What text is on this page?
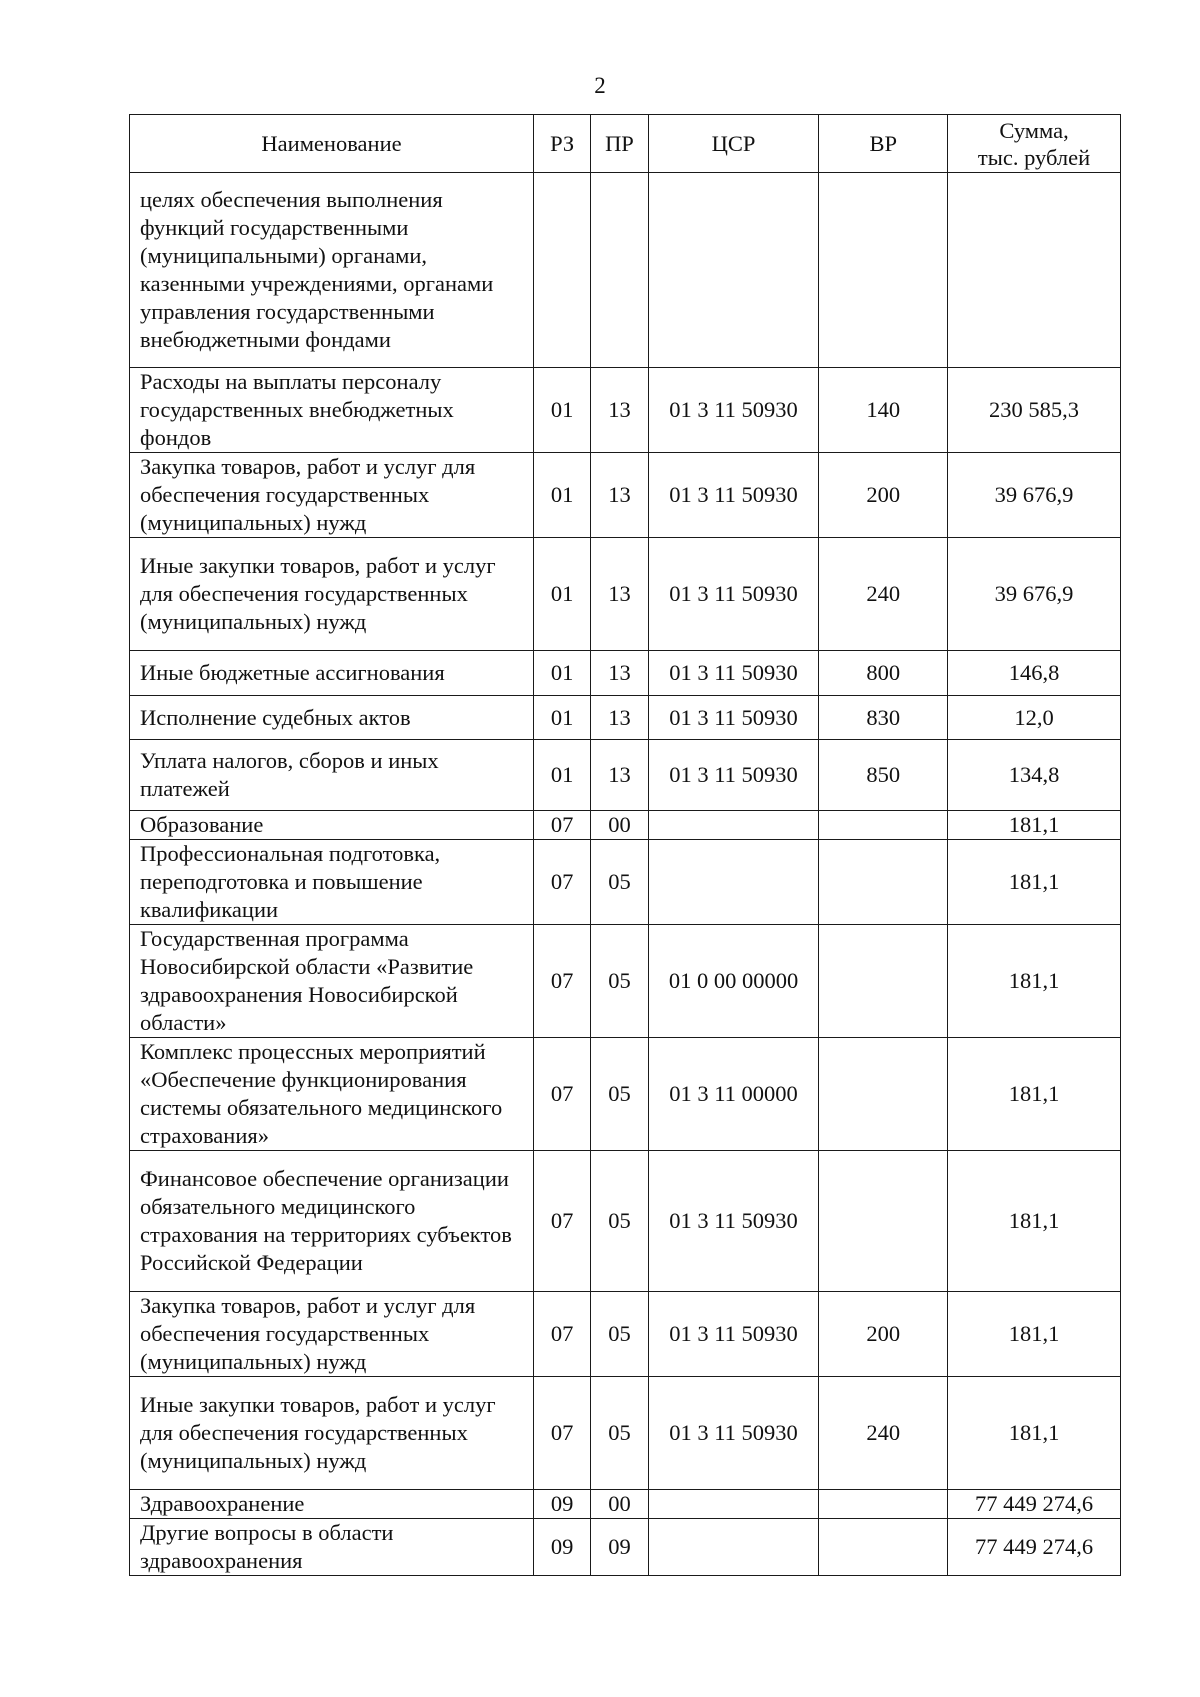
2
Наименование	РЗ	ПР	ЦСР	ВР	Сумма,
тыс. рублей
целях обеспечения выполнения функций государственными (муниципальными) органами, казенными учреждениями, органами управления государственными внебюджетными фондами					
Расходы на выплаты персоналу государственных внебюджетных фондов	01	13	01 3 11 50930	140	230 585,3
Закупка товаров, работ и услуг для обеспечения государственных (муниципальных) нужд	01	13	01 3 11 50930	200	39 676,9
Иные закупки товаров, работ и услуг для обеспечения государственных (муниципальных) нужд	01	13	01 3 11 50930	240	39 676,9
Иные бюджетные ассигнования	01	13	01 3 11 50930	800	146,8
Исполнение судебных актов	01	13	01 3 11 50930	830	12,0
Уплата налогов, сборов и иных платежей	01	13	01 3 11 50930	850	134,8
Образование	07	00			181,1
Профессиональная подготовка, переподготовка и повышение квалификации	07	05			181,1
Государственная программа Новосибирской области «Развитие здравоохранения Новосибирской области»	07	05	01 0 00 00000		181,1
Комплекс процессных мероприятий «Обеспечение функционирования системы обязательного медицинского страхования»	07	05	01 3 11 00000		181,1
Финансовое обеспечение организации обязательного медицинского страхования на территориях субъектов Российской Федерации	07	05	01 3 11 50930		181,1
Закупка товаров, работ и услуг для обеспечения государственных (муниципальных) нужд	07	05	01 3 11 50930	200	181,1
Иные закупки товаров, работ и услуг для обеспечения государственных (муниципальных) нужд	07	05	01 3 11 50930	240	181,1
Здравоохранение	09	00			77 449 274,6
Другие вопросы в области здравоохранения	09	09			77 449 274,6
